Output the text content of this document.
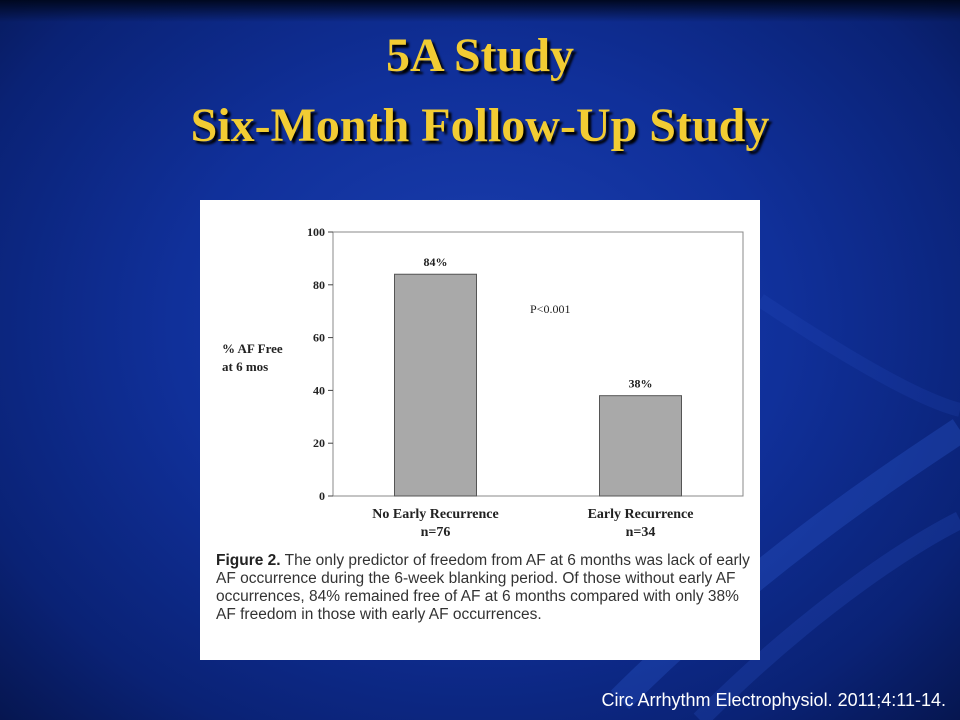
5A Study
Six-Month Follow-Up Study
0
20
40
60
80
100
% AF Free
at 6 mos
84%
No Early Recurrence
n=76
38%
Early Recurrence
n=34
P<0.001
Figure 2. The only predictor of freedom from AF at 6 months was lack of early AF occurrence during the 6-week blanking period. Of those without early AF occurrences, 84% remained free of AF at 6 months compared with only 38% AF freedom in those with early AF occurrences.
Circ Arrhythm Electrophysiol. 2011;4:11-14.
